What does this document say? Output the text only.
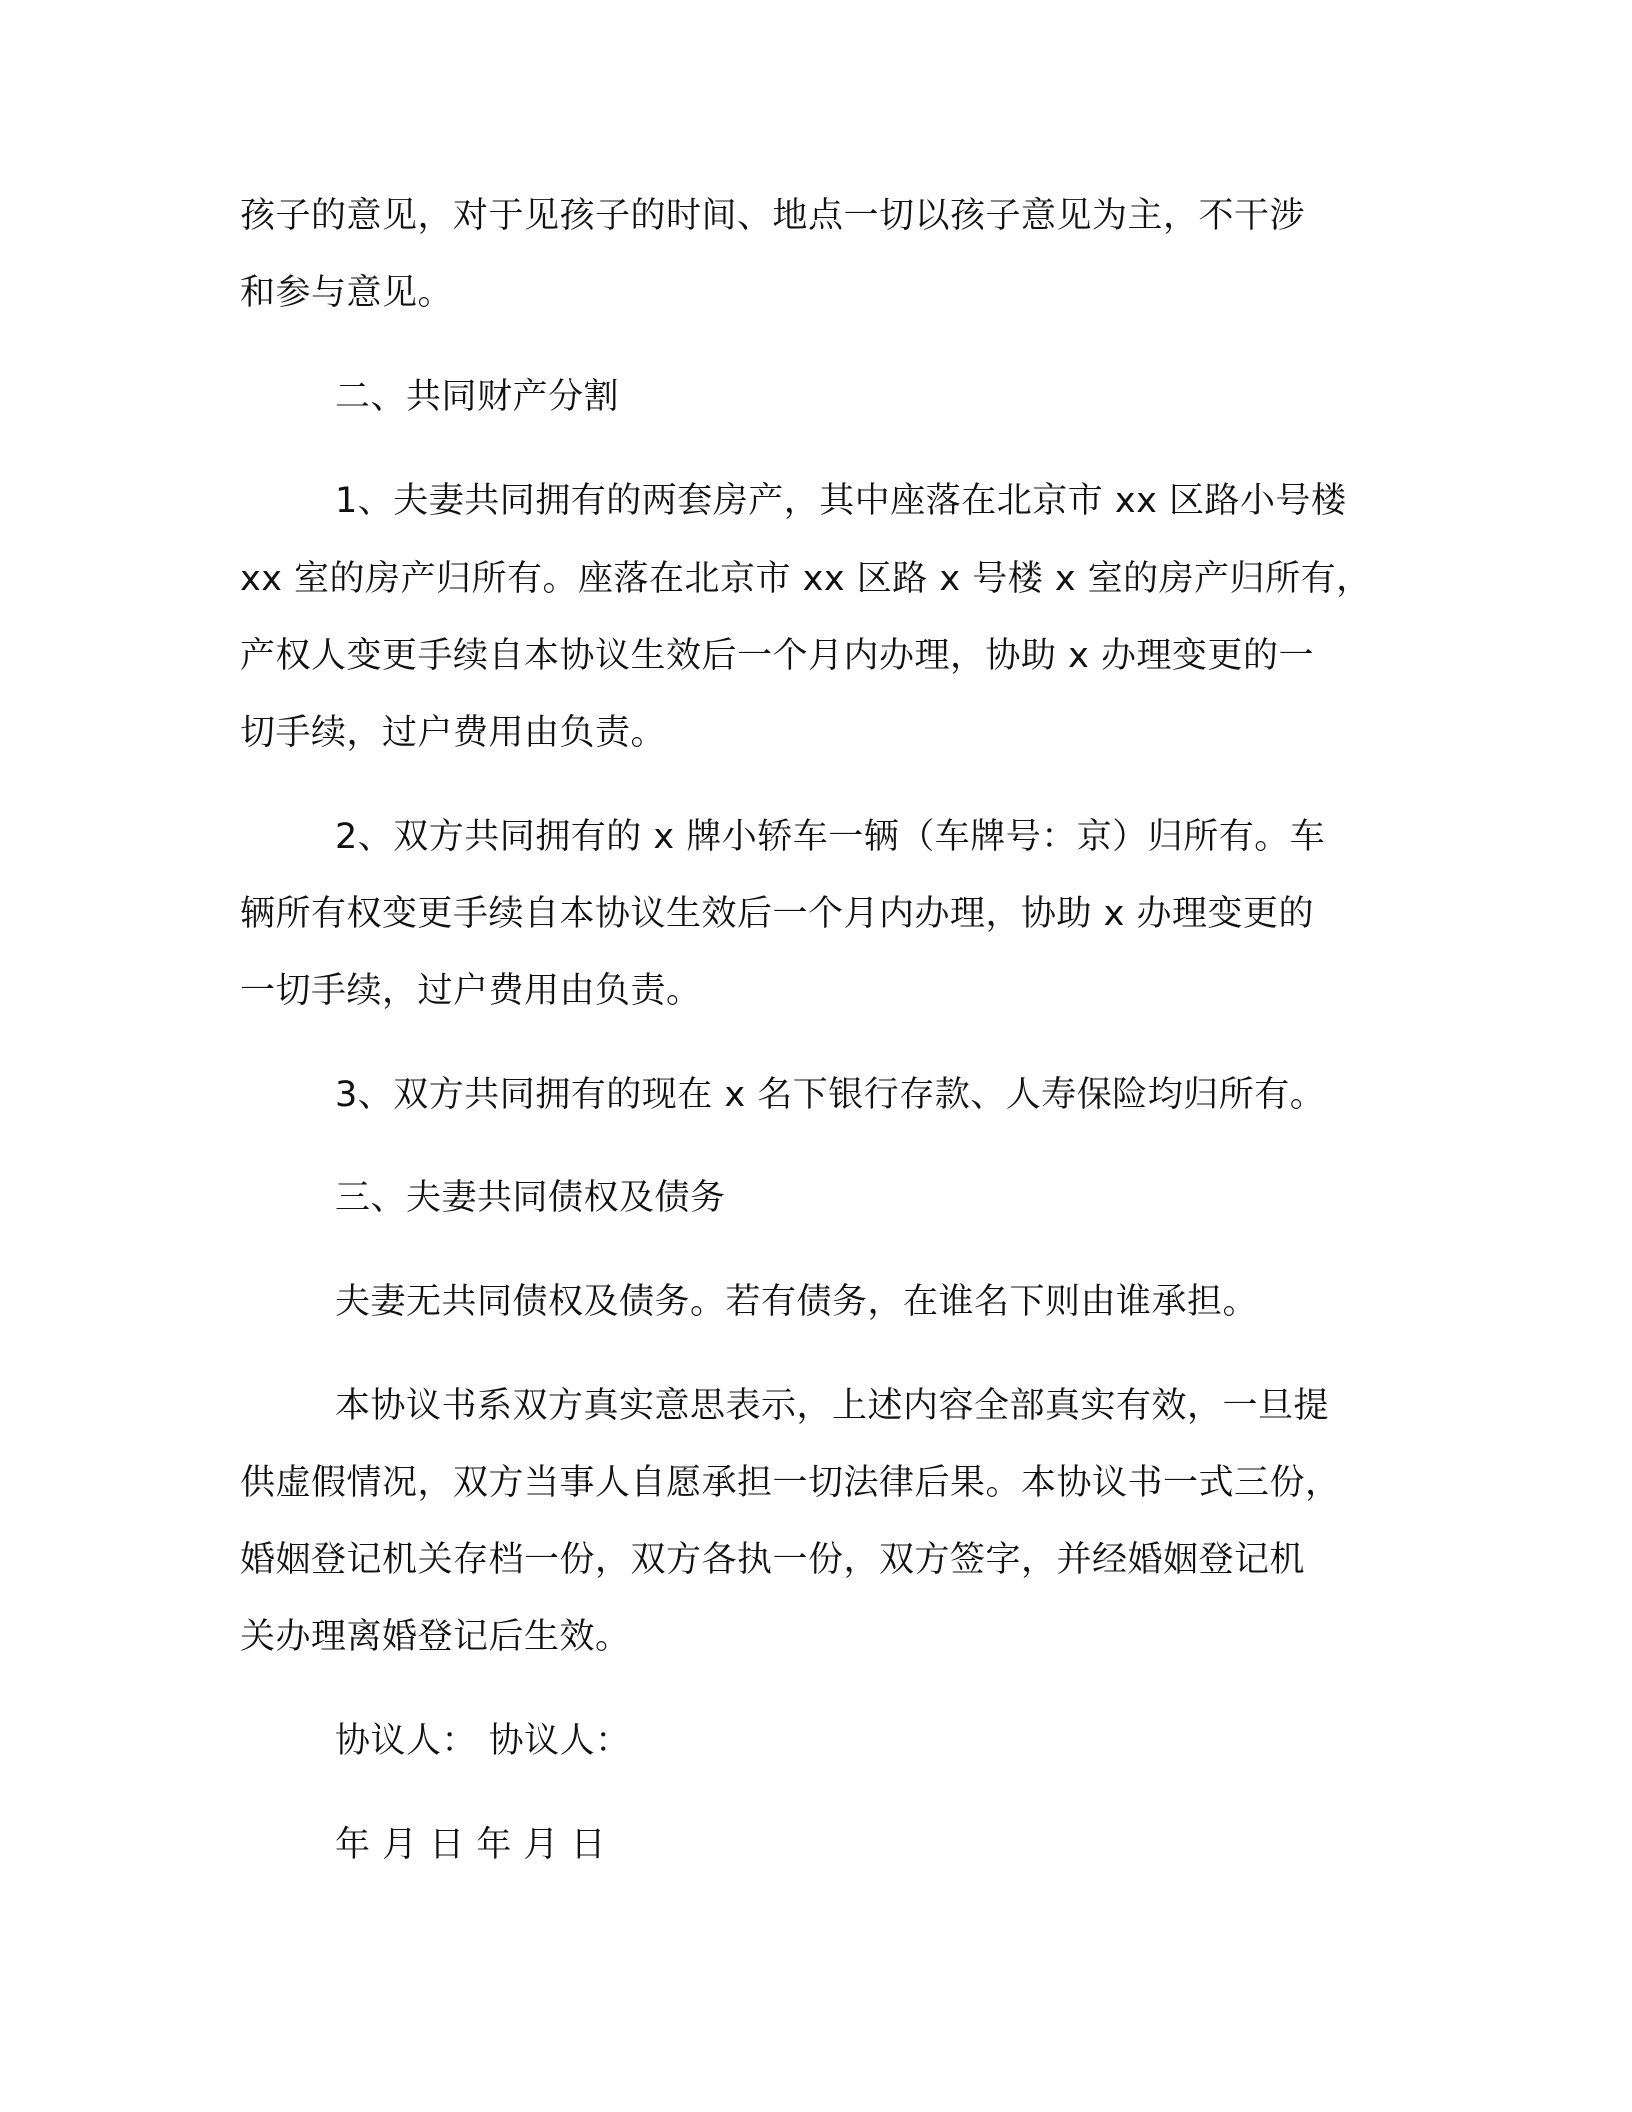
孩子的意见，对于见孩子的时间、地点一切以孩子意见为主，不干涉

和参与意见。

二、共同财产分割

1、夫妻共同拥有的两套房产，其中座落在北京市 xx 区路小号楼

xx 室的房产归所有。座落在北京市 xx 区路 x 号楼 x 室的房产归所有，

产权人变更手续自本协议生效后一个月内办理，协助 x 办理变更的一

切手续，过户费用由负责。

2、双方共同拥有的 x 牌小轿车一辆（车牌号：京）归所有。车

辆所有权变更手续自本协议生效后一个月内办理，协助 x 办理变更的

一切手续，过户费用由负责。

3、双方共同拥有的现在 x 名下银行存款、人寿保险均归所有。

三、夫妻共同债权及债务

夫妻无共同债权及债务。若有债务，在谁名下则由谁承担。

本协议书系双方真实意思表示，上述内容全部真实有效，一旦提

供虚假情况，双方当事人自愿承担一切法律后果。本协议书一式三份，

婚姻登记机关存档一份，双方各执一份，双方签字，并经婚姻登记机

关办理离婚登记后生效。

协议人： 协议人：

年 月 日 年 月 日
